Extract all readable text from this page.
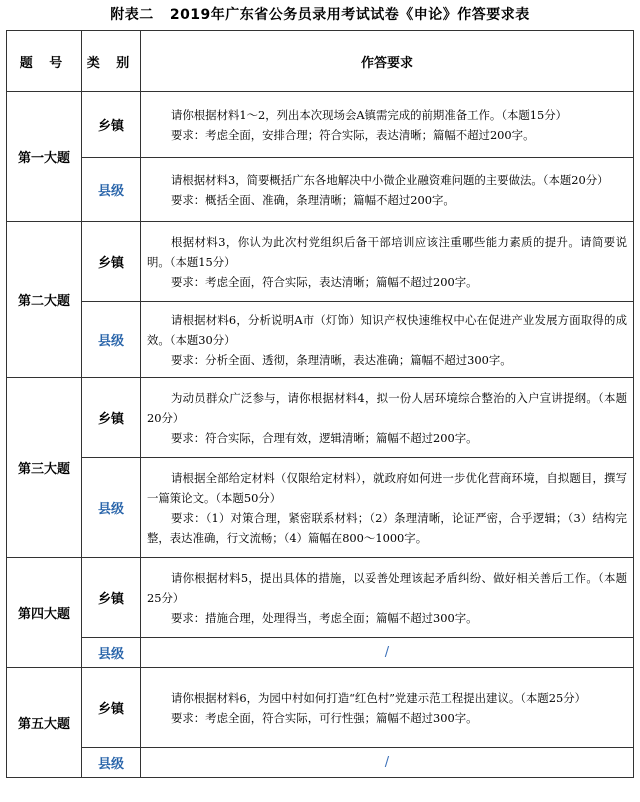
附表二 2019年广东省公务员录用考试试卷《申论》作答要求表
题 号	类 别	作答要求
第一大题	乡镇	请你根据材料1～2，列出本次现场会A镇需完成的前期准备工作。（本题15分）

要求：考虑全面，安排合理；符合实际，表达清晰；篇幅不超过200字。

	县级	请根据材料3，简要概括广东各地解决中小微企业融资难问题的主要做法。（本题20分）

要求：概括全面、准确，条理清晰；篇幅不超过200字。

第二大题	乡镇	根据材料3，你认为此次村党组织后备干部培训应该注重哪些能力素质的提升。请简要说明。（本题15分）

要求：考虑全面，符合实际，表达清晰；篇幅不超过200字。

	县级	请根据材料6，分析说明A市（灯饰）知识产权快速维权中心在促进产业发展方面取得的成效。（本题30分）

要求：分析全面、透彻，条理清晰，表达准确；篇幅不超过300字。

第三大题	乡镇	为动员群众广泛参与，请你根据材料4，拟一份人居环境综合整治的入户宣讲提纲。（本题20分）

要求：符合实际，合理有效，逻辑清晰；篇幅不超过200字。

	县级	请根据全部给定材料（仅限给定材料），就政府如何进一步优化营商环境，自拟题目，撰写一篇策论文。（本题50分）

要求：（1）对策合理，紧密联系材料；（2）条理清晰，论证严密，合乎逻辑；（3）结构完整，表达准确，行文流畅；（4）篇幅在800～1000字。

第四大题	乡镇	请你根据材料5，提出具体的措施，以妥善处理该起矛盾纠纷、做好相关善后工作。（本题25分）

要求：措施合理，处理得当，考虑全面；篇幅不超过300字。

	县级	/
第五大题	乡镇	请你根据材料6，为园中村如何打造“红色村”党建示范工程提出建议。（本题25分）

要求：考虑全面，符合实际，可行性强；篇幅不超过300字。

	县级	/
